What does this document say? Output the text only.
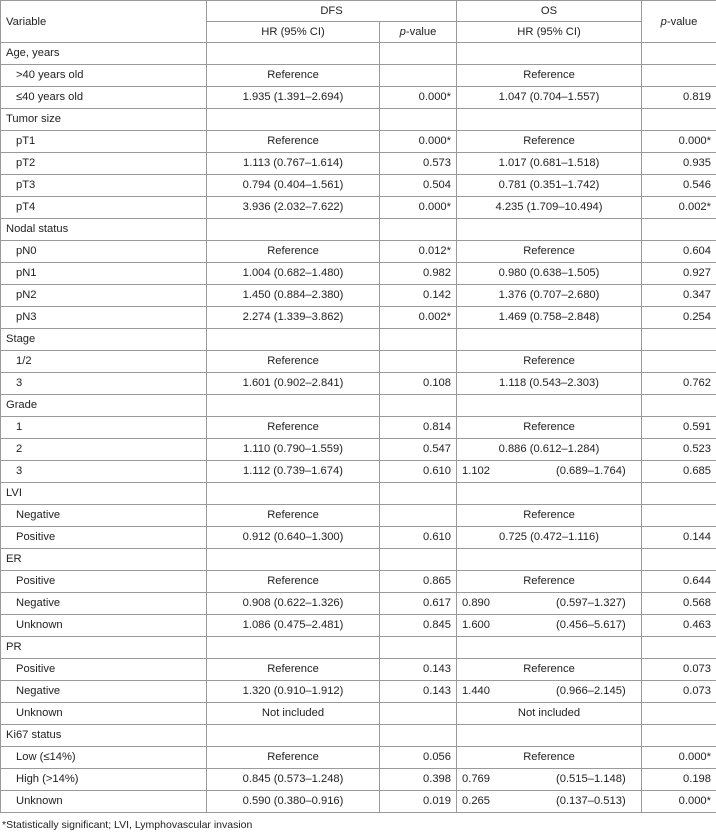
Variable	DFS		OS	p-value
	HR (95% CI)	p-value	HR (95% CI)	
Age, years				
>40 years old	Reference		Reference	
≤40 years old	1.935 (1.391–2.694)	0.000*	1.047 (0.704–1.557)	0.819
Tumor size				
pT1	Reference	0.000*	Reference	0.000*
pT2	1.113 (0.767–1.614)	0.573	1.017 (0.681–1.518)	0.935
pT3	0.794 (0.404–1.561)	0.504	0.781 (0.351–1.742)	0.546
pT4	3.936 (2.032–7.622)	0.000*	4.235 (1.709–10.494)	0.002*
Nodal status				
pN0	Reference	0.012*	Reference	0.604
pN1	1.004 (0.682–1.480)	0.982	0.980 (0.638–1.505)	0.927
pN2	1.450 (0.884–2.380)	0.142	1.376 (0.707–2.680)	0.347
pN3	2.274 (1.339–3.862)	0.002*	1.469 (0.758–2.848)	0.254
Stage				
1/2	Reference		Reference	
3	1.601 (0.902–2.841)	0.108	1.118 (0.543–2.303)	0.762
Grade				
1	Reference	0.814	Reference	0.591
2	1.110 (0.790–1.559)	0.547	0.886 (0.612–1.284)	0.523
3	1.112 (0.739–1.674)	0.610	1.102 (0.689–1.764)	0.685
LVI				
Negative	Reference		Reference	
Positive	0.912 (0.640–1.300)	0.610	0.725 (0.472–1.116)	0.144
ER				
Positive	Reference	0.865	Reference	0.644
Negative	0.908 (0.622–1.326)	0.617	0.890 (0.597–1.327)	0.568
Unknown	1.086 (0.475–2.481)	0.845	1.600 (0.456–5.617)	0.463
PR				
Positive	Reference	0.143	Reference	0.073
Negative	1.320 (0.910–1.912)	0.143	1.440 (0.966–2.145)	0.073
Unknown	Not included		Not included	
Ki67 status				
Low (≤14%)	Reference	0.056	Reference	0.000*
High (>14%)	0.845 (0.573–1.248)	0.398	0.769 (0.515–1.148)	0.198
Unknown	0.590 (0.380–0.916)	0.019	0.265 (0.137–0.513)	0.000*
*Statistically significant; LVI, Lymphovascular invasion
